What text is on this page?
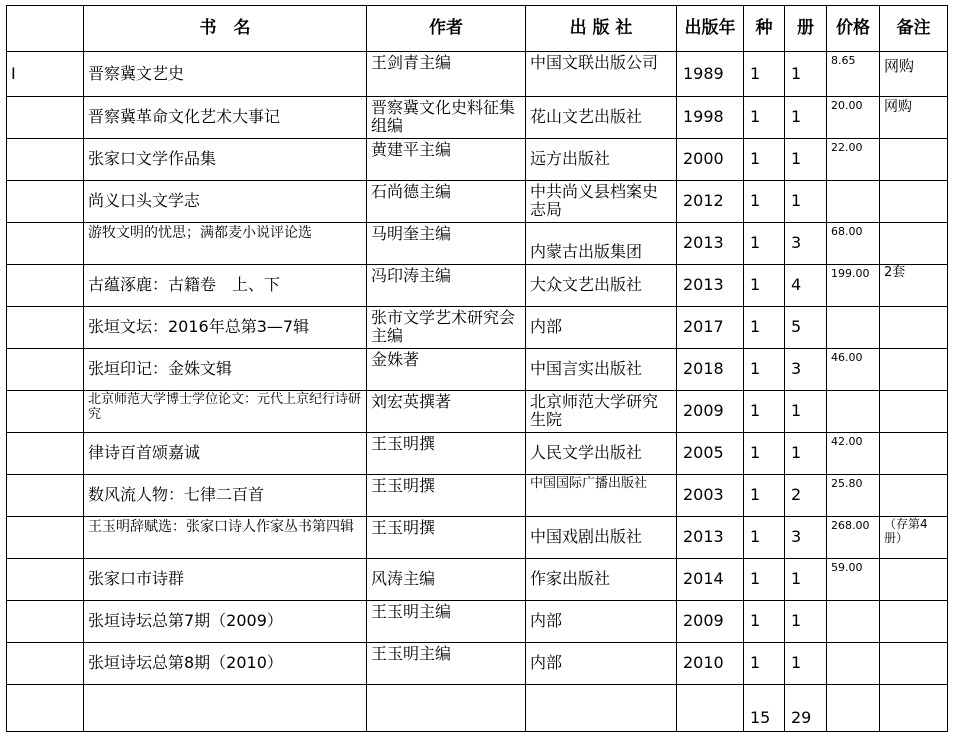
	书　名	作者	出 版 社	出版年	种	册	价格	备注
I	晋察冀文艺史	王剑青主编	中国文联出版公司	1989	1	1	8.65	网购
	晋察冀革命文化艺术大事记	晋察冀文化史料征集组编	花山文艺出版社	1998	1	1	20.00	网购
	张家口文学作品集	黄建平主编	远方出版社	2000	1	1	22.00	
	尚义口头文学志	石尚德主编	中共尚义县档案史志局	2012	1	1		
	游牧文明的忧思；满都麦小说评论选	马明奎主编	内蒙古出版集团	2013	1	3	68.00	
	古蕴涿鹿：古籍卷　上、下	冯印涛主编	大众文艺出版社	2013	1	4	199.00	2套
	张垣文坛：2016年总第3—7辑	张市文学艺术研究会主编	内部	2017	1	5		
	张垣印记：金姝文辑	金姝著	中国言实出版社	2018	1	3	46.00	
	北京师范大学博士学位论文：元代上京纪行诗研究	刘宏英撰著	北京师范大学研究生院	2009	1	1		
	律诗百首颂嘉诚	王玉明撰	人民文学出版社	2005	1	1	42.00	
	数风流人物：七律二百首	王玉明撰	中国国际广播出版社	2003	1	2	25.80	
	王玉明辞赋选：张家口诗人作家丛书第四辑	王玉明撰	中国戏剧出版社	2013	1	3	268.00	（存第4册）
	张家口市诗群	风涛主编	作家出版社	2014	1	1	59.00	
	张垣诗坛总第7期（2009）	王玉明主编	内部	2009	1	1		
	张垣诗坛总第8期（2010）	王玉明主编	内部	2010	1	1		
					15	29		
